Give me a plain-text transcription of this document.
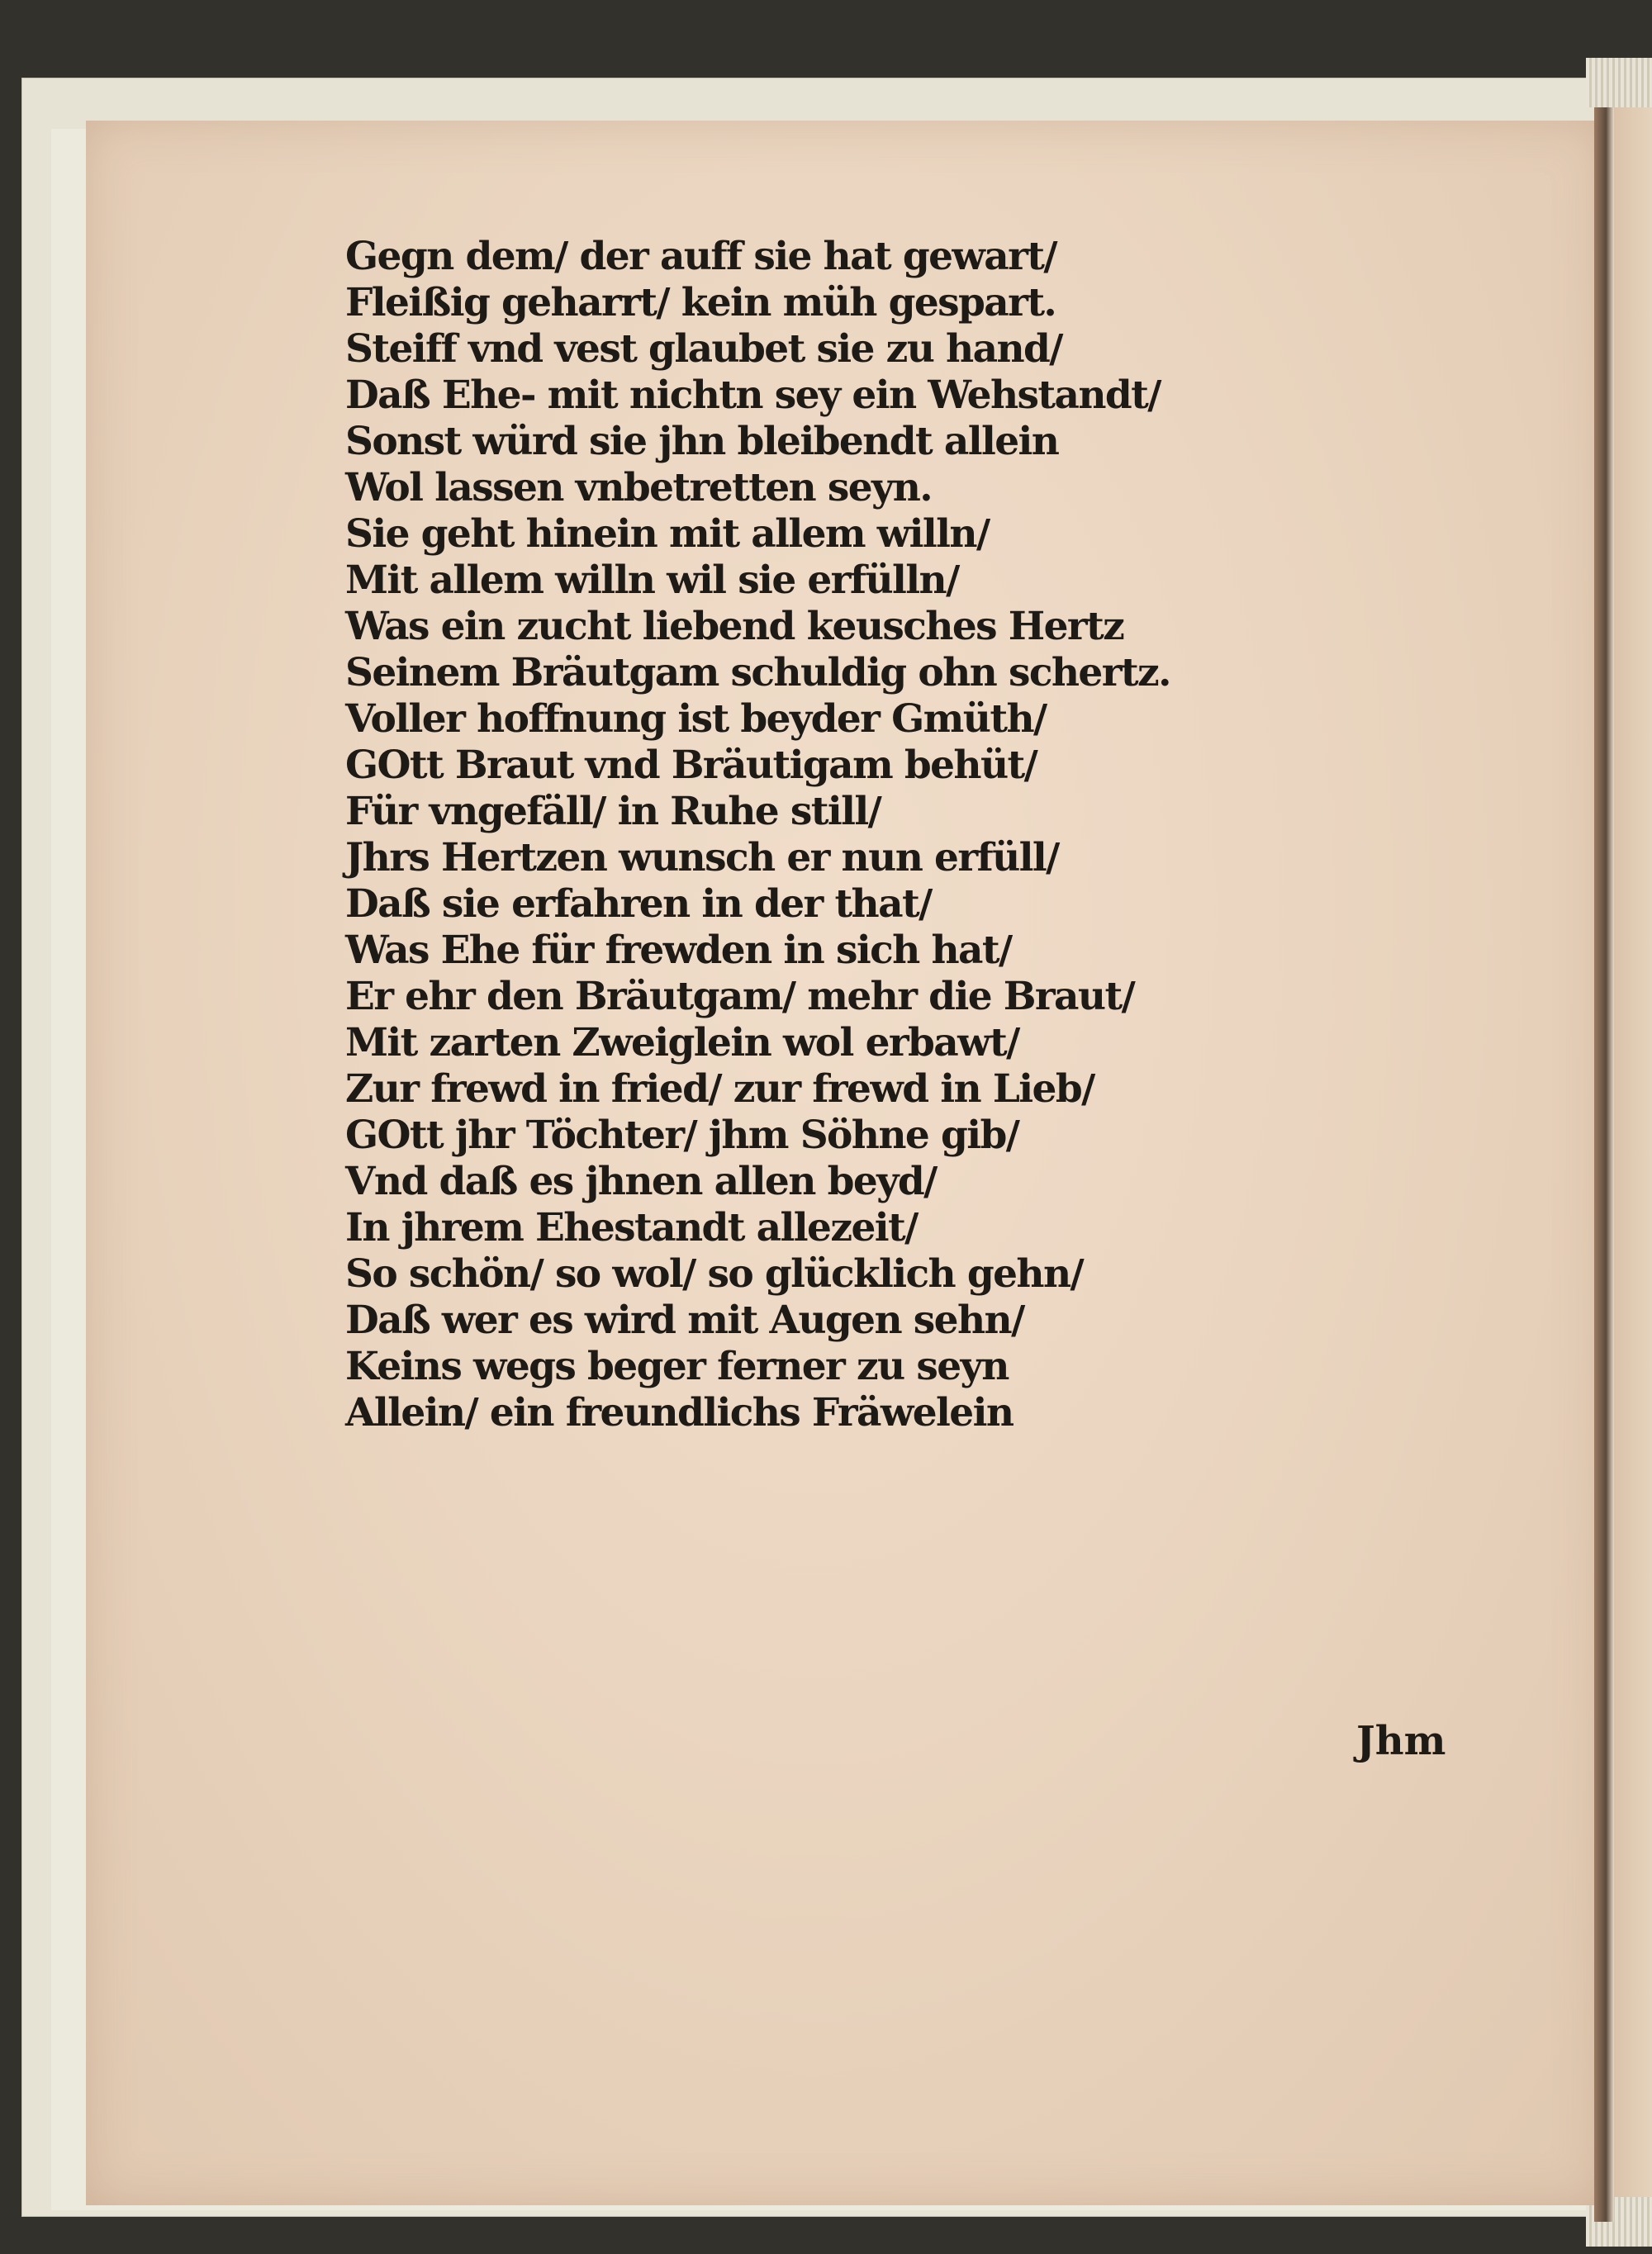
Gegn dem/ der auff sie hat gewart/
Fleißig geharrt/ kein müh gespart.
Steiff vnd vest glaubet sie zu hand/
Daß Ehe- mit nichtn sey ein Wehstandt/
Sonst würd sie jhn bleibendt allein
Wol lassen vnbetretten seyn.
Sie geht hinein mit allem willn/
Mit allem willn wil sie erfülln/
Was ein zucht liebend keusches Hertz
Seinem Bräutgam schuldig ohn schertz.
Voller hoffnung ist beyder Gmüth/
GOtt Braut vnd Bräutigam behüt/
Für vngefäll/ in Ruhe still/
Jhrs Hertzen wunsch er nun erfüll/
Daß sie erfahren in der that/
Was Ehe für frewden in sich hat/
Er ehr den Bräutgam/ mehr die Braut/
Mit zarten Zweiglein wol erbawt/
Zur frewd in fried/ zur frewd in Lieb/
GOtt jhr Töchter/ jhm Söhne gib/
Vnd daß es jhnen allen beyd/
In jhrem Ehestandt allezeit/
So schön/ so wol/ so glücklich gehn/
Daß wer es wird mit Augen sehn/
Keins wegs beger ferner zu seyn
Allein/ ein freundlichs Fräwelein
Jhm
